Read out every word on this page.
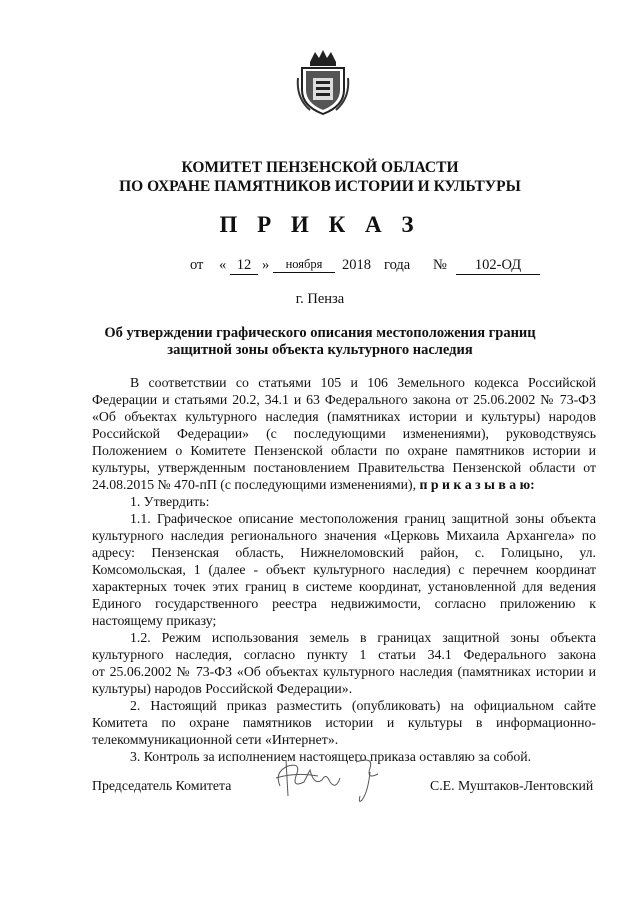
КОМИТЕТ ПЕНЗЕНСКОЙ ОБЛАСТИ
ПО ОХРАНЕ ПАМЯТНИКОВ ИСТОРИИ И КУЛЬТУРЫ
П Р И К А З
от « 12 »	ноября	2018 года №	102-ОД
г. Пенза
Об утверждении графического описания местоположения границ
защитной зоны объекта культурного наследия
В соответствии со статьями 105 и 106 Земельного кодекса Российской
Федерации и статьями 20.2, 34.1 и 63 Федерального закона от 25.06.2002 № 73-ФЗ
«Об объектах культурного наследия (памятниках истории и культуры) народов
Российской Федерации» (с последующими изменениями), руководствуясь
Положением о Комитете Пензенской области по охране памятников истории и
культуры, утвержденным постановлением Правительства Пензенской области от
24.08.2015 № 470-пП (с последующими изменениями), п р и к а з ы в а ю:
1. Утвердить:
1.1. Графическое описание местоположения границ защитной зоны объекта
культурного наследия регионального значения «Церковь Михаила Архангела» по
адресу: Пензенская область, Нижнеломовский район, с. Голицыно, ул.
Комсомольская, 1 (далее - объект культурного наследия) с перечнем координат
характерных точек этих границ в системе координат, установленной для ведения
Единого государственного реестра недвижимости, согласно приложению к
настоящему приказу;
1.2. Режим использования земель в границах защитной зоны объекта
культурного наследия, согласно пункту 1 статьи 34.1 Федерального закона
от 25.06.2002 № 73-ФЗ «Об объектах культурного наследия (памятниках истории и
культуры) народов Российской Федерации».
2. Настоящий приказ разместить (опубликовать) на официальном сайте
Комитета по охране памятников истории и культуры в информационно-
телекоммуникационной сети «Интернет».
3. Контроль за исполнением настоящего приказа оставляю за собой.
Председатель Комитета	С.Е. Муштаков-Лентовский
